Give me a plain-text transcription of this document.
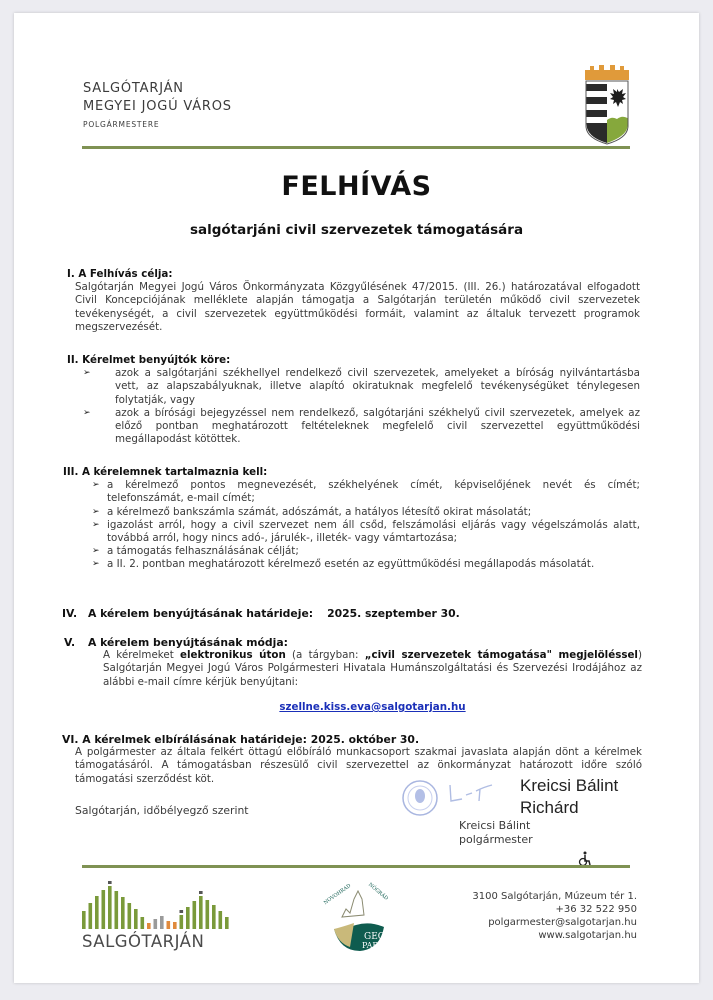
SALGÓTARJÁN
MEGYEI JOGÚ VÁROS
POLGÁRMESTERE
FELHÍVÁS
salgótarjáni civil szervezetek támogatására
I. A Felhívás célja:

Salgótarján Megyei Jogú Város Önkormányzata Közgyűlésének 47/2015. (III. 26.) határozatával elfogadott Civil Koncepciójának melléklete alapján támogatja a Salgótarján területén működő civil szervezetek tevékenységét, a civil szervezetek együttműködési formáit, valamint az általuk tervezett programok megszervezését.

II. Kérelmet benyújtók köre:
➢	azok a salgótarjáni székhellyel rendelkező civil szervezetek, amelyeket a bíróság nyilvántartásba vett, az alapszabályuknak, illetve alapító okiratuknak megfelelő tevékenységüket ténylegesen folytatják, vagy
➢	azok a bírósági bejegyzéssel nem rendelkező, salgótarjáni székhelyű civil szervezetek, amelyek az előző pontban meghatározott feltételeknek megfelelő civil szervezettel együttműködési megállapodást kötöttek.
III. A kérelemnek tartalmaznia kell:
➢ a kérelmező pontos megnevezését, székhelyének címét, képviselőjének nevét és címét; telefonszámát, e-mail címét;
➢ a kérelmező bankszámla számát, adószámát, a hatályos létesítő okirat másolatát;
➢ igazolást arról, hogy a civil szervezet nem áll csőd, felszámolási eljárás vagy végelszámolás alatt, továbbá arról, hogy nincs adó-, járulék-, illeték- vagy vámtartozása;
➢ a támogatás felhasználásának célját;
➢ a II. 2. pontban meghatározott kérelmező esetén az együttműködési megállapodás másolatát.
IV. A kérelem benyújtásának határideje: 2025. szeptember 30.
V. A kérelem benyújtásának módja:

A kérelmeket elektronikus úton (a tárgyban: „civil szervezetek támogatása" megjelöléssel) Salgótarján Megyei Jogú Város Polgármesteri Hivatala Humánszolgáltatási és Szervezési Irodájához az alábbi e-mail címre kérjük benyújtani:

szellne.kiss.eva@salgotarjan.hu
VI. A kérelmek elbírálásának határideje: 2025. október 30.

A polgármester az általa felkért öttagú előbíráló munkacsoport szakmai javaslata alapján dönt a kérelmek támogatásáról. A támogatásban részesülő civil szervezettel az önkormányzat határozott időre szóló támogatási szerződést köt.

Salgótarján, időbélyegző szerint
Kreicsi Bálint
Richárd
Kreicsi Bálint
polgármester
SALGÓTARJÁN	GEO
PARK
NOVOHRAD	NÓGRÁD	3100 Salgótarján, Múzeum tér 1.
+36 32 522 950
polgarmester@salgotarjan.hu
www.salgotarjan.hu
